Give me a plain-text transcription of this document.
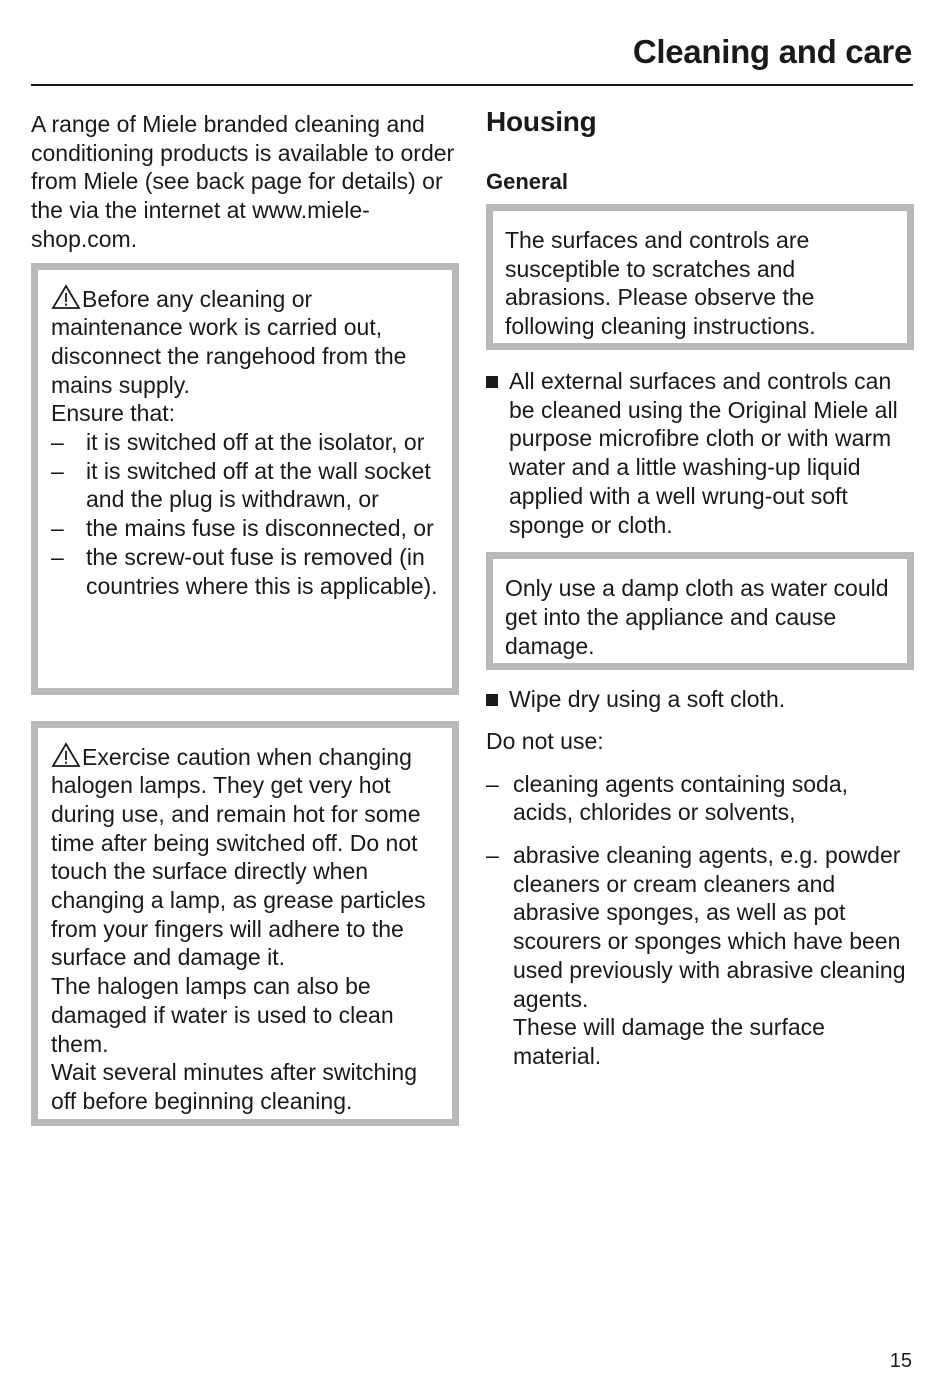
Cleaning and care

A range of Miele branded cleaning and conditioning products is available to order from Miele (see back page for details) or the via the internet at www.miele-shop.com.

Before any cleaning or maintenance work is carried out, disconnect the rangehood from the mains supply.

Ensure that:

– it is switched off at the isolator, or
– it is switched off at the wall socket and the plug is withdrawn, or
– the mains fuse is disconnected, or
– the screw-out fuse is removed (in countries where this is applicable).

Exercise caution when changing halogen lamps. They get very hot during use, and remain hot for some time after being switched off. Do not touch the surface directly when changing a lamp, as grease particles from your fingers will adhere to the surface and damage it.

The halogen lamps can also be damaged if water is used to clean them.

Wait several minutes after switching off before beginning cleaning.

Housing
General

The surfaces and controls are susceptible to scratches and abrasions. Please observe the following cleaning instructions.

All external surfaces and controls can be cleaned using the Original Miele all purpose microfibre cloth or with warm water and a little washing-up liquid applied with a well wrung-out soft sponge or cloth.

Only use a damp cloth as water could get into the appliance and cause damage.

Wipe dry using a soft cloth.

Do not use:

– cleaning agents containing soda, acids, chlorides or solvents,
– abrasive cleaning agents, e.g. powder cleaners or cream cleaners and abrasive sponges, as well as pot scourers or sponges which have been used previously with abrasive cleaning agents.
These will damage the surface material.
15
